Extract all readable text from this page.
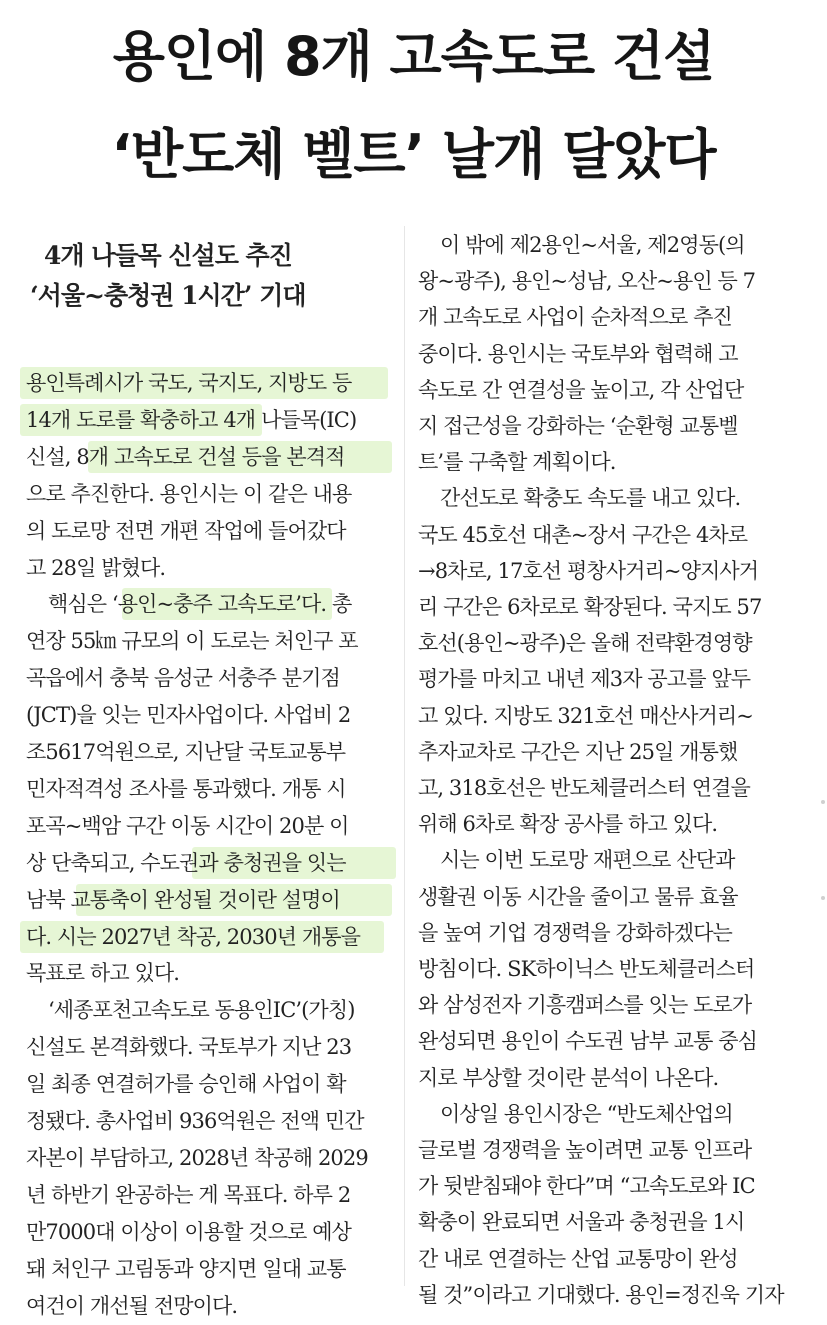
용인에 8개 고속도로 건설
‘반도체 벨트’ 날개 달았다
4개 나들목 신설도 추진
‘서울~충청권 1시간’ 기대
용인특례시가 국도, 국지도, 지방도 등
14개 도로를 확충하고 4개 나들목(IC)
신설, 8개 고속도로 건설 등을 본격적
으로 추진한다. 용인시는 이 같은 내용
의 도로망 전면 개편 작업에 들어갔다
고 28일 밝혔다.
핵심은 ‘용인~충주 고속도로’다. 총
연장 55㎞ 규모의 이 도로는 처인구 포
곡읍에서 충북 음성군 서충주 분기점
(JCT)을 잇는 민자사업이다. 사업비 2
조5617억원으로, 지난달 국토교통부
민자적격성 조사를 통과했다. 개통 시
포곡~백암 구간 이동 시간이 20분 이
상 단축되고, 수도권과 충청권을 잇는
남북 교통축이 완성될 것이란 설명이
다. 시는 2027년 착공, 2030년 개통을
목표로 하고 있다.
‘세종포천고속도로 동용인IC’(가칭)
신설도 본격화했다. 국토부가 지난 23
일 최종 연결허가를 승인해 사업이 확
정됐다. 총사업비 936억원은 전액 민간
자본이 부담하고, 2028년 착공해 2029
년 하반기 완공하는 게 목표다. 하루 2
만7000대 이상이 이용할 것으로 예상
돼 처인구 고림동과 양지면 일대 교통
여건이 개선될 전망이다.
이 밖에 제2용인~서울, 제2영동(의
왕~광주), 용인~성남, 오산~용인 등 7
개 고속도로 사업이 순차적으로 추진
중이다. 용인시는 국토부와 협력해 고
속도로 간 연결성을 높이고, 각 산업단
지 접근성을 강화하는 ‘순환형 교통벨
트’를 구축할 계획이다.
간선도로 확충도 속도를 내고 있다.
국도 45호선 대촌~장서 구간은 4차로
→8차로, 17호선 평창사거리~양지사거
리 구간은 6차로로 확장된다. 국지도 57
호선(용인~광주)은 올해 전략환경영향
평가를 마치고 내년 제3자 공고를 앞두
고 있다. 지방도 321호선 매산사거리~
추자교차로 구간은 지난 25일 개통했
고, 318호선은 반도체클러스터 연결을
위해 6차로 확장 공사를 하고 있다.
시는 이번 도로망 재편으로 산단과
생활권 이동 시간을 줄이고 물류 효율
을 높여 기업 경쟁력을 강화하겠다는
방침이다. SK하이닉스 반도체클러스터
와 삼성전자 기흥캠퍼스를 잇는 도로가
완성되면 용인이 수도권 남부 교통 중심
지로 부상할 것이란 분석이 나온다.
이상일 용인시장은 “반도체산업의
글로벌 경쟁력을 높이려면 교통 인프라
가 뒷받침돼야 한다”며 “고속도로와 IC
확충이 완료되면 서울과 충청권을 1시
간 내로 연결하는 산업 교통망이 완성
될 것”이라고 기대했다. 용인=정진욱 기자
